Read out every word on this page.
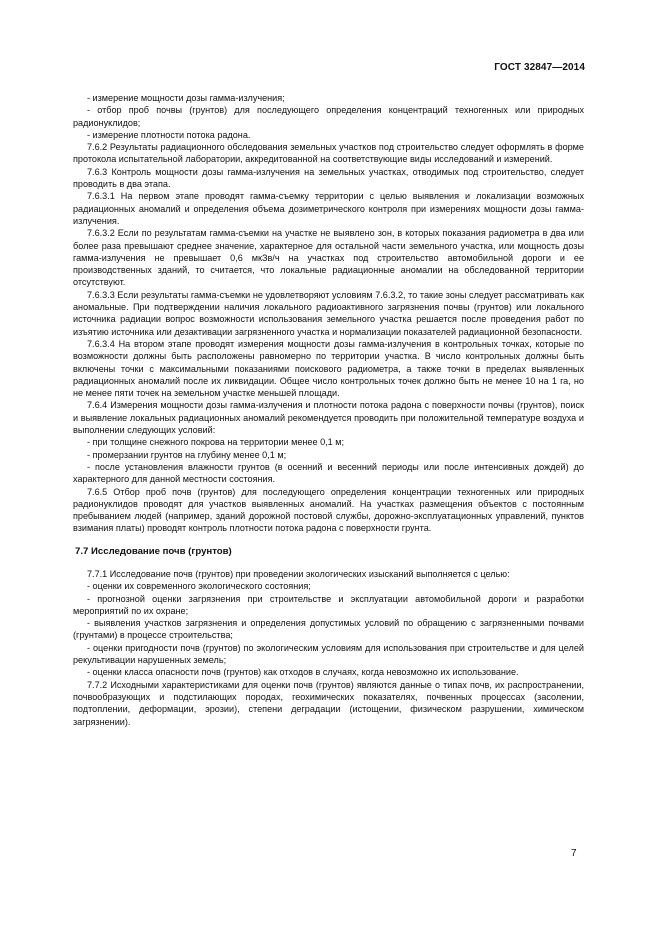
ГОСТ 32847—2014

- измерение мощности дозы гамма-излучения;

- отбор проб почвы (грунтов) для последующего определения концентраций техногенных или природных радионуклидов;

- измерение плотности потока радона.

7.6.2 Результаты радиационного обследования земельных участков под строительство следует оформлять в форме протокола испытательной лаборатории, аккредитованной на соответствующие виды исследований и измерений.

7.6.3 Контроль мощности дозы гамма-излучения на земельных участках, отводимых под строительство, следует проводить в два этапа.

7.6.3.1 На первом этапе проводят гамма-съемку территории с целью выявления и локализации возможных радиационных аномалий и определения объема дозиметрического контроля при измерениях мощности дозы гамма-излучения.

7.6.3.2 Если по результатам гамма-съемки на участке не выявлено зон, в которых показания радиометра в два или более раза превышают среднее значение, характерное для остальной части земельного участка, или мощность дозы гамма-излучения не превышает 0,6 мкЗв/ч на участках под строительство автомобильной дороги и ее производственных зданий, то считается, что локальные радиационные аномалии на обследованной территории отсутствуют.

7.6.3.3 Если результаты гамма-съемки не удовлетворяют условиям 7.6.3.2, то такие зоны следует рассматривать как аномальные. При подтверждении наличия локального радиоактивного загрязнения почвы (грунтов) или локального источника радиации вопрос возможности использования земельного участка решается после проведения работ по изъятию источника или дезактивации загрязненного участка и нормализации показателей радиационной безопасности.

7.6.3.4 На втором этапе проводят измерения мощности дозы гамма-излучения в контрольных точках, которые по возможности должны быть расположены равномерно по территории участка. В число контрольных должны быть включены точки с максимальными показаниями поискового радиометра, а также точки в пределах выявленных радиационных аномалий после их ликвидации. Общее число контрольных точек должно быть не менее 10 на 1 га, но не менее пяти точек на земельном участке меньшей площади.

7.6.4 Измерения мощности дозы гамма-излучения и плотности потока радона с поверхности почвы (грунтов), поиск и выявление локальных радиационных аномалий рекомендуется проводить при положительной температуре воздуха и выполнении следующих условий:

- при толщине снежного покрова на территории менее 0,1 м;

- промерзании грунтов на глубину менее 0,1 м;

- после установления влажности грунтов (в осенний и весенний периоды или после интенсивных дождей) до характерного для данной местности состояния.

7.6.5 Отбор проб почв (грунтов) для последующего определения концентрации техногенных или природных радионуклидов проводят для участков выявленных аномалий. На участках размещения объектов с постоянным пребыванием людей (например, зданий дорожной постовой службы, дорожно-эксплуатационных управлений, пунктов взимания платы) проводят контроль плотности потока радона с поверхности грунта.

7.7 Исследование почв (грунтов)

7.7.1 Исследование почв (грунтов) при проведении экологических изысканий выполняется с целью:

- оценки их современного экологического состояния;

- прогнозной оценки загрязнения при строительстве и эксплуатации автомобильной дороги и разработки мероприятий по их охране;

- выявления участков загрязнения и определения допустимых условий по обращению с загрязненными почвами (грунтами) в процессе строительства;

- оценки пригодности почв (грунтов) по экологическим условиям для использования при строительстве и для целей рекультивации нарушенных земель;

- оценки класса опасности почв (грунтов) как отходов в случаях, когда невозможно их использование.

7.7.2 Исходными характеристиками для оценки почв (грунтов) являются данные о типах почв, их распространении, почвообразующих и подстилающих породах, геохимических показателях, почвенных процессах (засолении, подтоплении, деформации, эрозии), степени деградации (истощении, физическом разрушении, химическом загрязнении).

7
